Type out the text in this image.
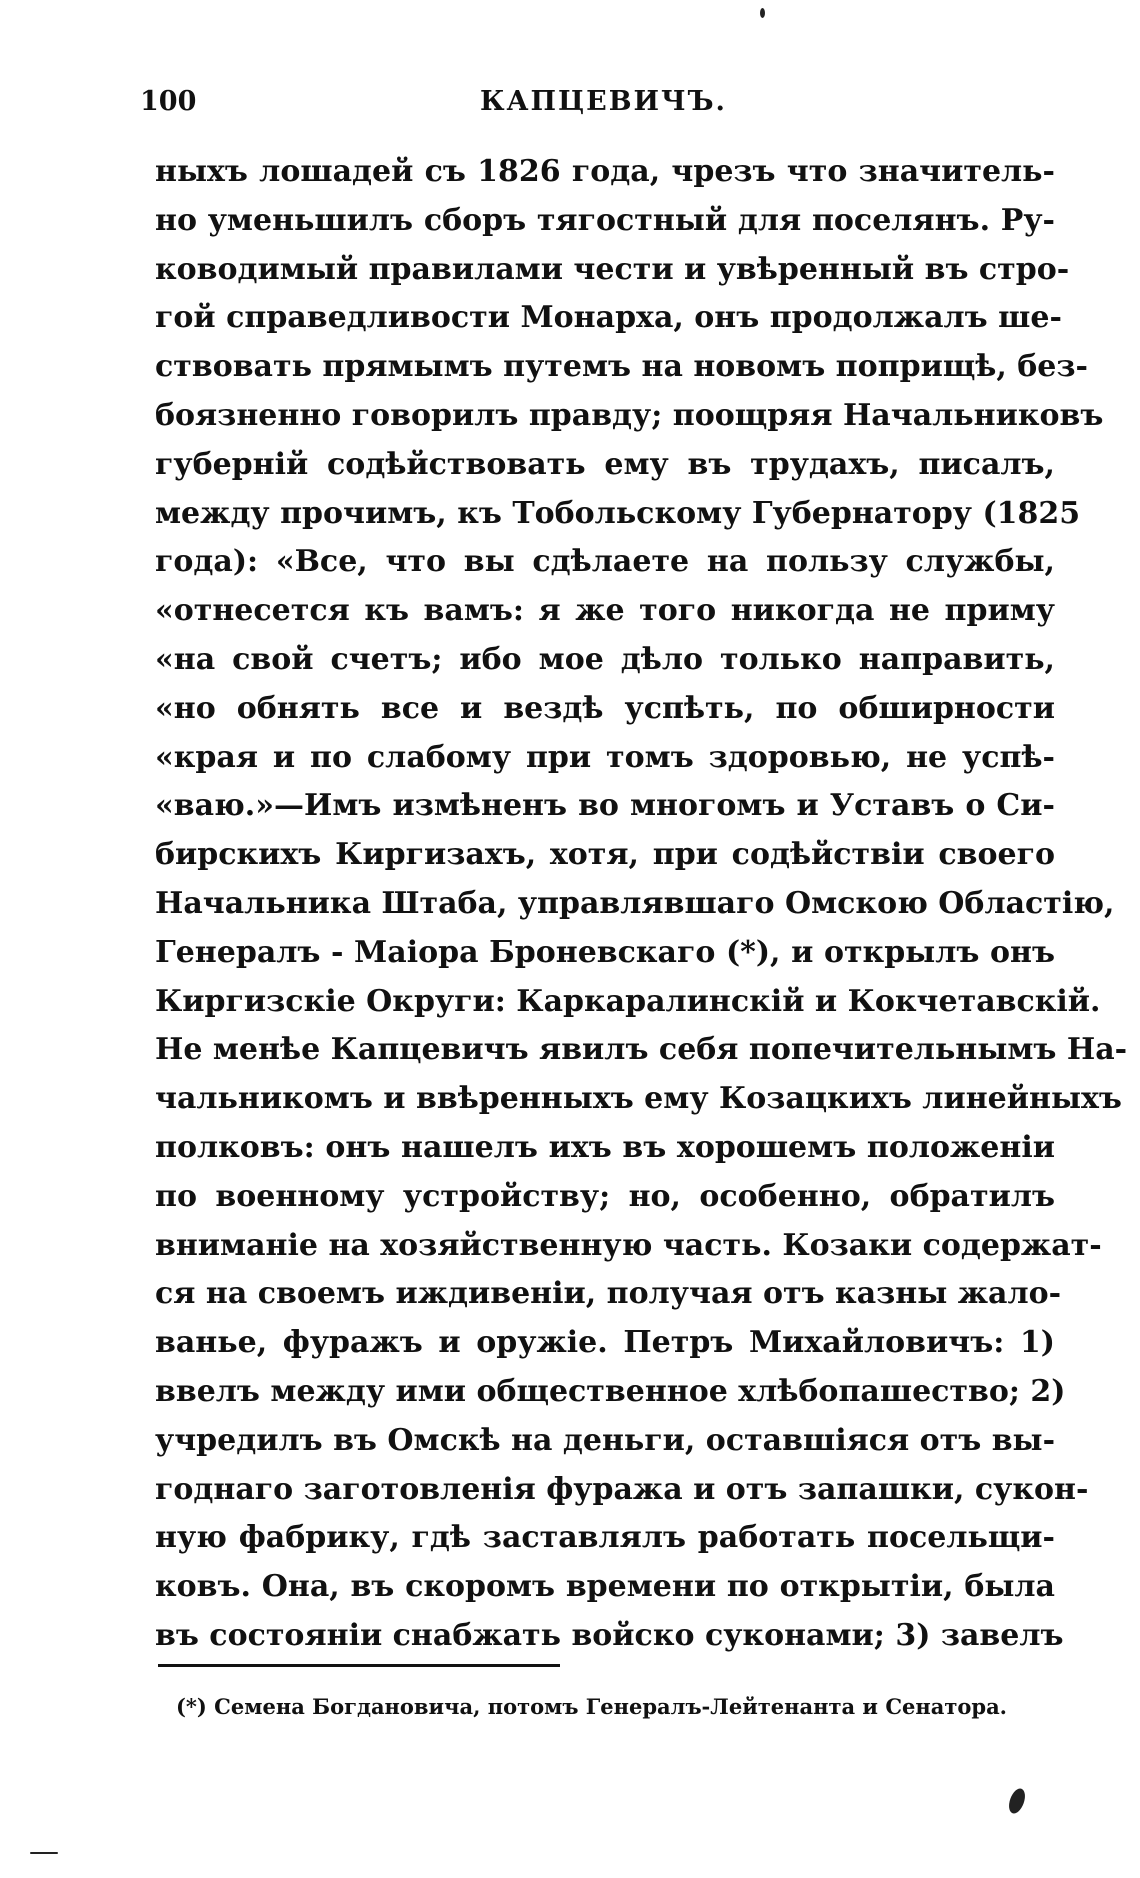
100	КАПЦЕВИЧЪ.
ныхъ лошадей съ 1826 года, чрезъ что значитель-
но уменьшилъ сборъ тягостный для поселянъ. Ру-
ководимый правилами чести и увѣренный въ стро-
гой справедливости Монарха, онъ продолжалъ ше-
ствовать прямымъ путемъ на новомъ поприщѣ, без-
боязненно говорилъ правду; поощряя Начальниковъ
губерній содѣйствовать ему въ трудахъ, писалъ,
между прочимъ, къ Тобольскому Губернатору (1825
года): «Все, что вы сдѣлаете на пользу службы,
«отнесется къ вамъ: я же того никогда не приму
«на свой счетъ; ибо мое дѣло только направить,
«но обнять все и вездѣ успѣть, по обширности
«края и по слабому при томъ здоровью, не успѣ-
«ваю.»—Имъ измѣненъ во многомъ и Уставъ о Си-
бирскихъ Киргизахъ, хотя, при содѣйствіи своего
Начальника Штаба, управлявшаго Омскою Областію,
Генералъ - Маіора Броневскаго (*), и открылъ онъ
Киргизскіе Округи: Каркаралинскій и Кокчетавскій.
Не менѣе Капцевичъ явилъ себя попечительнымъ На-
чальникомъ и ввѣренныхъ ему Козацкихъ линейныхъ
полковъ: онъ нашелъ ихъ въ хорошемъ положеніи
по военному устройству; но, особенно, обратилъ
вниманіе на хозяйственную часть. Козаки содержат-
ся на своемъ иждивеніи, получая отъ казны жало-
ванье, фуражъ и оружіе. Петръ Михайловичъ: 1)
ввелъ между ими общественное хлѣбопашество; 2)
учредилъ въ Омскѣ на деньги, оставшіяся отъ вы-
годнаго заготовленія фуража и отъ запашки, сукон-
ную фабрику, гдѣ заставлялъ работать посельщи-
ковъ. Она, въ скоромъ времени по открытіи, была
въ состояніи снабжать войско суконами; 3) завелъ
(*) Семена Богдановича, потомъ Генералъ-Лейтенанта и Сенатора.
